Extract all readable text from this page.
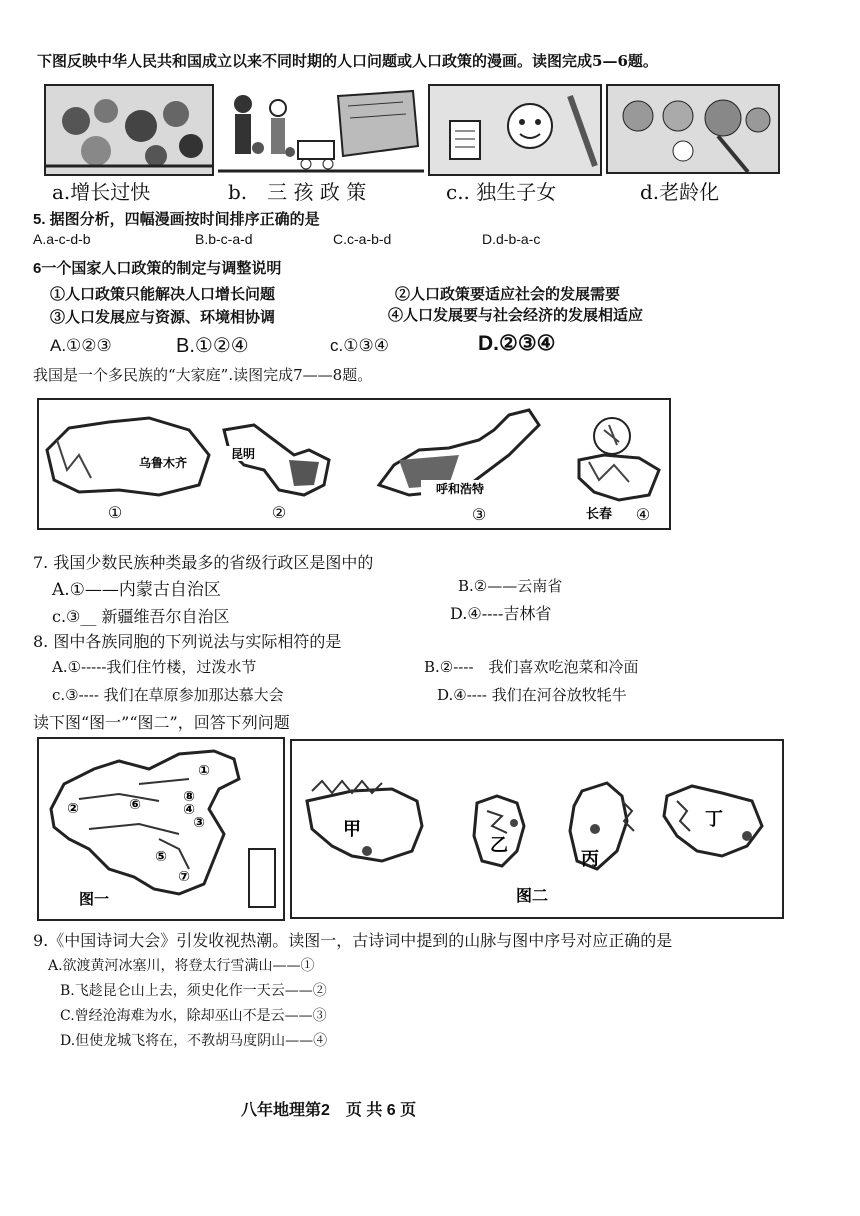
下图反映中华人民共和国成立以来不同时期的人口问题或人口政策的漫画。读图完成5—6题。
a.增长过快	b.　三 孩 政 策	c.. 独生子女	d.老龄化
5. 据图分析，四幅漫画按时间排序正确的是
A.a-c-d-b	B.b-c-a-d	C.c-a-b-d	D.d-b-a-c
6一个国家人口政策的制定与调整说明
①人口政策只能解决人口增长问题	②人口政策要适应社会的发展需要
③人口发展应与资源、环境相协调	④人口发展要与社会经济的发展相适应
A.①②③	B.①②④	c.①③④	D.②③④
我国是一个多民族的“大家庭”.读图完成7——8题。
乌鲁木齐
①
昆明
②
呼和浩特
③	长春 ④
7. 我国少数民族种类最多的省级行政区是图中的
A.①——内蒙古自治区	B.②——云南省
c.③__ 新疆维吾尔自治区	D.④----吉林省
8. 图中各族同胞的下列说法与实际相符的是
A.①-----我们住竹楼，过泼水节	B.②----　我们喜欢吃泡菜和冷面
c.③---- 我们在草原参加那达慕大会	D.④---- 我们在河谷放牧牦牛
读下图“图一”“图二”，回答下列问题
①
②
③
④
⑤
⑥
⑦
⑧
图一
甲
乙
丙
丁
图二
9.《中国诗词大会》引发收视热潮。读图一，古诗词中提到的山脉与图中序号对应正确的是
A.欲渡黄河冰塞川，将登太行雪满山——①
B.飞趁昆仑山上去，须史化作一天云——②
C.曾经沧海难为水，除却巫山不是云——③
D.但使龙城飞将在，不教胡马度阴山——④
八年地理第2　页 共 6 页
